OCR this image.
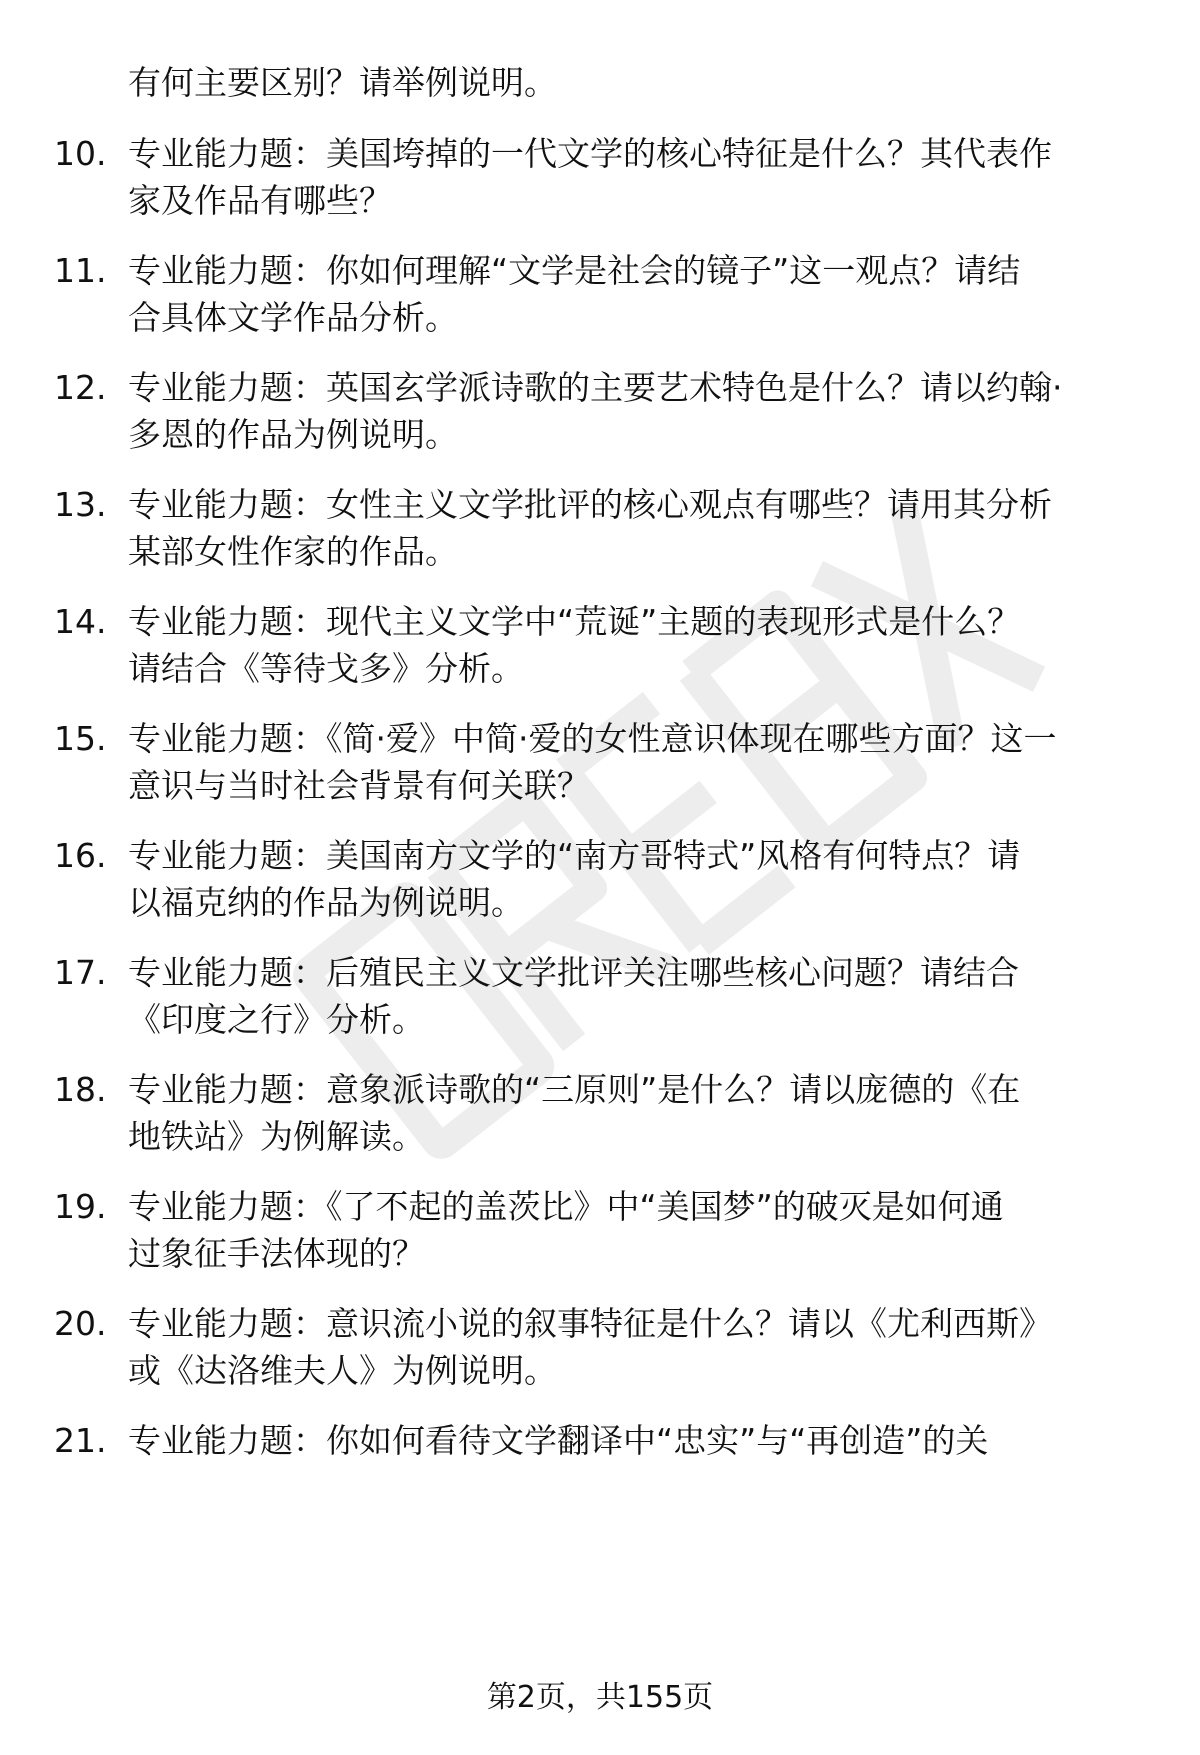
有何主要区别？请举例说明。
10. 专业能力题：美国垮掉的一代文学的核心特征是什么？其代表作
家及作品有哪些？
11. 专业能力题：你如何理解“文学是社会的镜子”这一观点？请结
合具体文学作品分析。
12. 专业能力题：英国玄学派诗歌的主要艺术特色是什么？请以约翰·
多恩的作品为例说明。
13. 专业能力题：女性主义文学批评的核心观点有哪些？请用其分析
某部女性作家的作品。
14. 专业能力题：现代主义文学中“荒诞”主题的表现形式是什么？
请结合《等待戈多》分析。
15. 专业能力题：《简·爱》中简·爱的女性意识体现在哪些方面？这一
意识与当时社会背景有何关联？
16. 专业能力题：美国南方文学的“南方哥特式”风格有何特点？请
以福克纳的作品为例说明。
17. 专业能力题：后殖民主义文学批评关注哪些核心问题？请结合
《印度之行》分析。
18. 专业能力题：意象派诗歌的“三原则”是什么？请以庞德的《在
地铁站》为例解读。
19. 专业能力题：《了不起的盖茨比》中“美国梦”的破灭是如何通
过象征手法体现的？
20. 专业能力题：意识流小说的叙事特征是什么？请以《尤利西斯》
或《达洛维夫人》为例说明。
21. 专业能力题：你如何看待文学翻译中“忠实”与“再创造”的关
第2页，共155页
